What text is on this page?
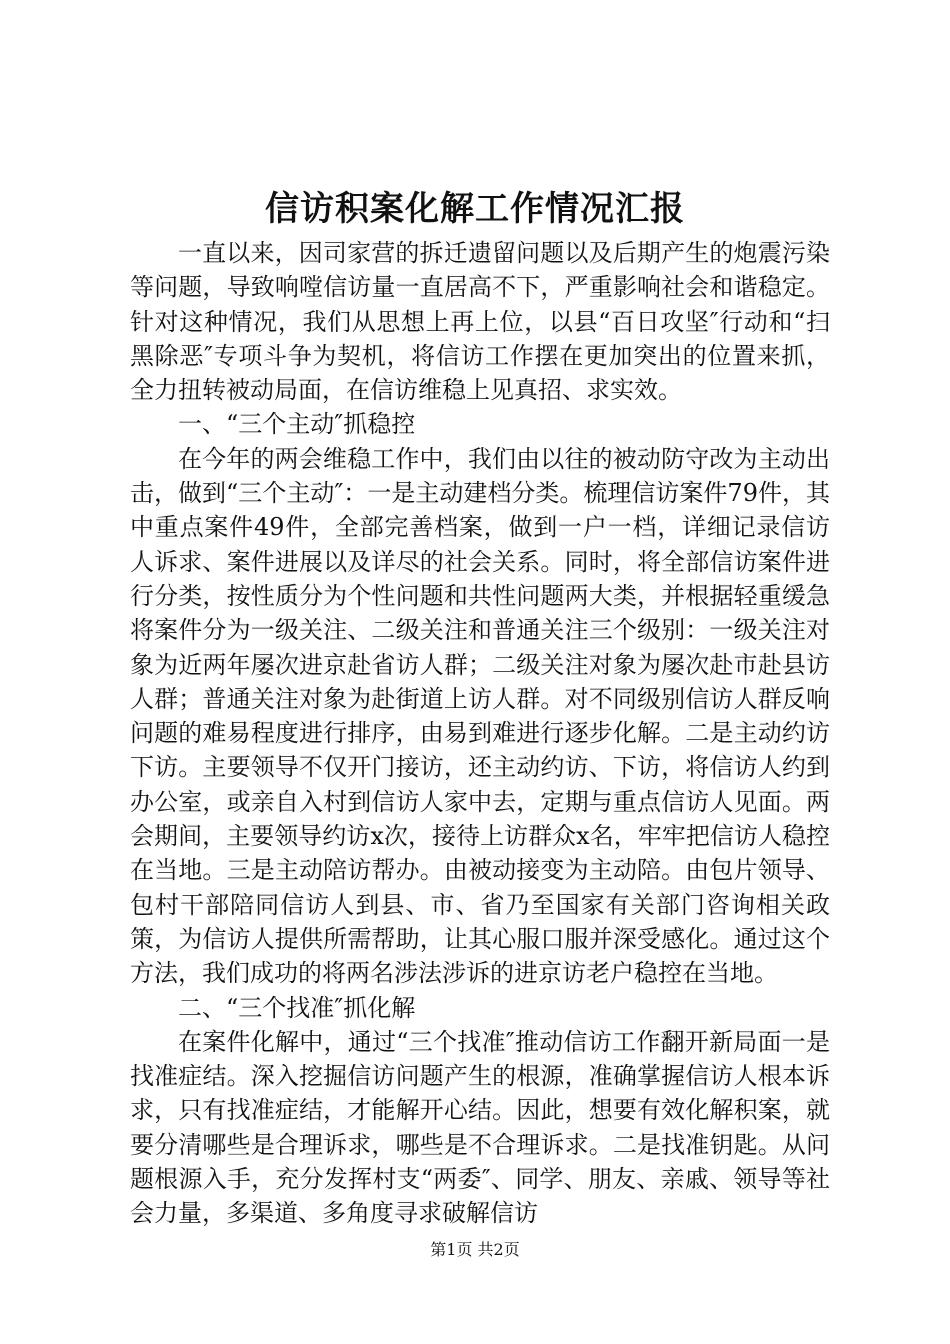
信访积案化解工作情况汇报

一直以来，因司家营的拆迁遗留问题以及后期产生的炮震污染等问题，导致响嘡信访量一直居高不下，严重影响社会和谐稳定。针对这种情况，我们从思想上再上位，以县“百日攻坚″行动和“扫黑除恶″专项斗争为契机，将信访工作摆在更加突出的位置来抓，全力扭转被动局面，在信访维稳上见真招、求实效。

一、“三个主动″抓稳控

在今年的两会维稳工作中，我们由以往的被动防守改为主动出击，做到“三个主动″：一是主动建档分类。梳理信访案件79件，其中重点案件49件，全部完善档案，做到一户一档，详细记录信访人诉求、案件进展以及详尽的社会关系。同时，将全部信访案件进行分类，按性质分为个性问题和共性问题两大类，并根据轻重缓急将案件分为一级关注、二级关注和普通关注三个级别：一级关注对象为近两年屡次进京赴省访人群；二级关注对象为屡次赴市赴县访人群；普通关注对象为赴街道上访人群。对不同级别信访人群反响问题的难易程度进行排序，由易到难进行逐步化解。二是主动约访下访。主要领导不仅开门接访，还主动约访、下访，将信访人约到办公室，或亲自入村到信访人家中去，定期与重点信访人见面。两会期间，主要领导约访x次，接待上访群众x名，牢牢把信访人稳控在当地。三是主动陪访帮办。由被动接变为主动陪。由包片领导、包村干部陪同信访人到县、市、省乃至国家有关部门咨询相关政策，为信访人提供所需帮助，让其心服口服并深受感化。通过这个方法，我们成功的将两名涉法涉诉的进京访老户稳控在当地。

二、“三个找准″抓化解

在案件化解中，通过“三个找准″推动信访工作翻开新局面一是找准症结。深入挖掘信访问题产生的根源，准确掌握信访人根本诉求，只有找准症结，才能解开心结。因此，想要有效化解积案，就要分清哪些是合理诉求，哪些是不合理诉求。二是找准钥匙。从问题根源入手，充分发挥村支“两委″、同学、朋友、亲戚、领导等社会力量，多渠道、多角度寻求破解信访

第1页 共2页
